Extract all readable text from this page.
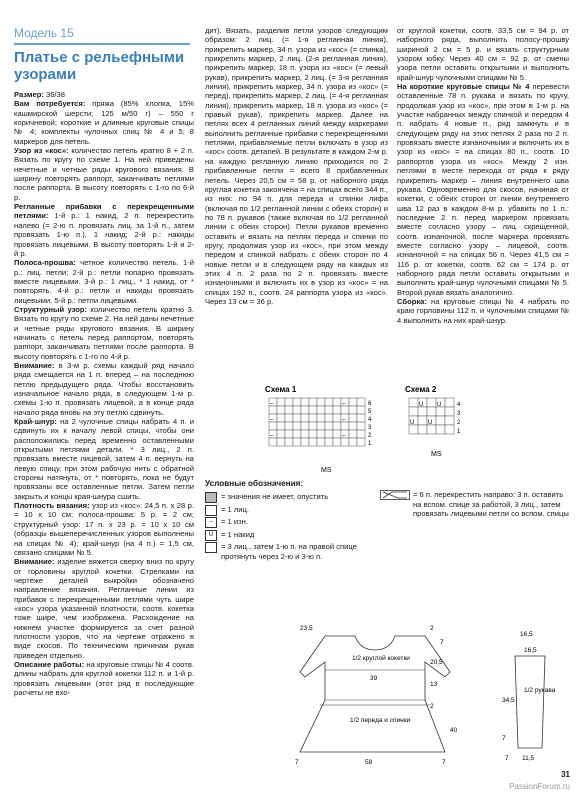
Модель 15
Платье с рельефными узорами

Размер: 36/38

Вам потребуется: пряжа (85% хлопка, 15% кашмирской шерсти; 125 м/50 г) – 550 г коричневой; короткие и длинные круговые спицы № 4; комплекты чулочных спиц № 4 и 5; 8 маркеров для петель.

Узор из «кос»: количество петель кратно 8 + 2 п. Вязать по кругу по схеме 1. На ней приведены нечетные и четные ряды кругового вязания. В ширину повторять раппорт, заканчивать петлями после раппорта. В высоту повторять с 1-го по 6-й р.

Регланные прибавки с перекрещенными петлями: 1-й р.: 1 накид, 2 п. перекрестить налево (= 2-ю п. провязать лиц. за 1-й п., затем провязать 1-ю п.), 1 накид; 2-й р.: накиды провязать лицевыми. В высоту повторять 1-й и 2-й р.

Полоса-прошва: четное количество петель. 1-й р.: лиц. петли; 2-й р.: петли попарно провязать вместе лицевыми. 3-й р.: 1 лиц., * 1 накид, от * повторять. 4-й р.: петли и накиды провязать лицевыми. 5-й р.: петли лицевыми.

Структурный узор: количество петель кратно 3. Вязать по кругу по схеме 2. На ней даны нечетные и четные ряды кругового вязания. В ширину начинать с петель перед раппортом, повторять раппорт, заканчивать петлями после раппорта. В высоту повторять с 1-го по 4-й р.

Внимание: в 3-м р. схемы каждый ряд начало ряда смещается на 1 п. вперед – на последнюю петлю предыдущего ряда. Чтобы восстановить изначальное начало ряда, в следующем 1-м р. схемы 1-ю п. провязать лицевой, а в конце ряда начало ряда вновь на эту петлю сдвинуть.

Край-шнур: на 2 чулочные спицы набрать 4 п. и сдвинуть их к началу левой спицы, чтобы они расположились перед временно оставленными открытыми петлями детали. * 3 лиц., 2 п. провязать вместе лицевой, затем 4 п. вернуть на левую спицу, при этом рабочую нить с обратной стороны натянуть, от * повторять, пока не будут провязаны все оставленные петли. Затем петли закрыть и концы края-шнура сшить.

Плотность вязания: узор из «кос»: 24,5 п. х 28 р. = 10 х 10 см; полоса-прошва: 5 р. = 2 см; структурный узор: 17 п. х 23 р. = 10 х 10 см (образцы вышеперечисленных узоров выполнены на спицах № 4); край-шнур (на 4 п.) = 1,5 см, связано спицами № 5.

Внимание: изделие вяжется сверху вниз по кругу от горловины круглой кокетки. Стрелками на чертеже деталей выкройки обозначено направление вязания. Регланные линии из прибавок с перекрещенными петлями чуть шире «кос» узора указанной плотности, соотв. кокетка тоже шире, чем изображена. Расхождение на нижнем участке формируется за счет разной плотности узоров, что на чертеже отражено в виде скосов. По техническим причинам рукав приведен отдельно.

Описание работы: на круговые спицы № 4 соотв. длины набрать для круглой кокетки 112 п. и 1-й р. провязать лицевыми (этот ряд в последующие расчеты не вхо-

дит). Вязать, разделив петли узоров следующим образом: 2 лиц. (= 1-я регланная линия), прикрепить маркер, 34 п. узора из «кос» (= спинка), прикрепить маркер, 2 лиц. (2-я регланная линия), прикрепить маркер, 18 п. узора из «кос» (= левый рукав), прикрепить маркер, 2 лиц. (= 3-я регланная линия), прикрепить маркер, 34 п. узора из «кос» (= перед), прикрепить маркер, 2 лиц. (= 4-я регланная линия), прикрепить маркер, 18 п. узора из «кос» (= правый рукав), прикрепить маркер. Далее на петлях всех 4 регланных линий между маркерами выполнить регланные прибавки с перекрещенными петлями, прибавляемые петли включать в узор из «кос» соотв. деталей. В результате в каждом 2-м р. на каждую регланную линию приходится по 2 прибавленные петли = всего 8 прибавленных петель. Через 20,5 см = 58 р. от наборного ряда круглая кокетка закончена = на спицах всего 344 п., из них: по 94 п. для переда и спинки лифа (включая по 1/2 регланной линии с обеих сторон) и по 78 п. рукавов (также включая по 1/2 регланной линии с обеих сторон). Петли рукавов временно оставить и вязать на петлях переда и спинки по кругу, продолжая узор из «кос», при этом между передом и спинкой набрать с обеих сторон по 4 новые петли и в следующем ряду на каждых из этих 4 п. 2 раза по 2 п. провязать вместе изнаночными и включить их в узор из «кос» = на спицах 192 п., соотв. 24 раппорта узора из «кос». Через 13 см = 36 р.

от круглой кокетки, соотв. 33,5 см = 94 р. от наборного ряда, выполнить полосу-прошву шириной 2 см = 5 р. и вязать структурным узором юбку. Через 40 см = 92 р. от смены узора петли оставить открытыми и выполнить край-шнур чулочными спицами № 5.

На короткие круговые спицы № 4 перевести оставленные 78 п. рукава и вязать по кругу, продолжая узор из «кос», при этом в 1-м р. на участке набранных между спинкой и передом 4 п. набрать 4 новые п., ряд замкнуть и в следующем ряду на этих петлях 2 раза по 2 п. провязать вместе изнаночными и включить их в узор из «кос» = на спицах 80 п., соотв. 10 раппортов узора из «кос». Между 2 изн. петлями в месте перехода от ряда к ряду прикрепить маркер – линия внутреннего шва рукава. Одновременно для скосов, начиная от кокетки, с обеих сторон от линии внутреннего шва 12 раз в каждом 8-м р. убавить по 1 п.: последние 2 п. перед маркером провязать вместе согласно узору – лиц. скрещенной, соотв. изнаночной, после маркера провязать вместе согласно узору – лицевой, соотв. изнаночной = на спицах 56 п. Через 41,5 см = 116 р. от кокетки, соотв. 62 см = 174 р. от наборного ряда петли оставить открытыми и выполнить край-шнур чулочными спицами № 5. Второй рукав вязать аналогично.

Сборка: на круговые спицы № 4 набрать по краю горловины 112 п. и чулочными спицами № 4 выполнить на них край-шнур.

Схема 1
–	–
–	–
–	–
6
5
4
3
2
1
MS
Схема 2
U U
U U
4
3
2
1
MS
Условные обозначения:
= значения не имеет, опустить
= 1 лиц.
–	= 1 изн.
U	= 1 накид
= 3 лиц., затем 1-ю п. на правой спице протянуть через 2-ю и 3-ю п.
= 6 п. перекрестить направо: 3 п. оставить на вспом. спице за работой, 3 лиц., затем провязать лицевыми петли со вспом. спицы
23,5	2
7
1/2 круглой кокетки
39
1/2 переда и спинки
20,5
13
2
40
58
7	7
16,5
16,5
1/2 рукава
34,5
7
11,5
7
31
PassionForum.ru
